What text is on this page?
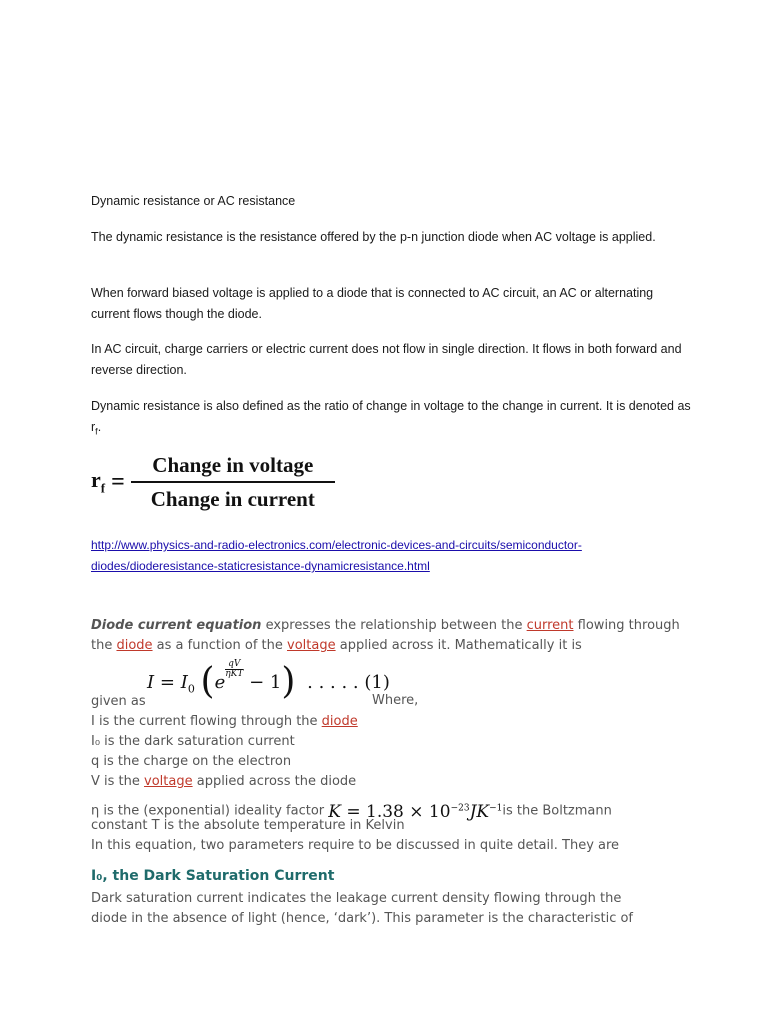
Dynamic resistance or AC resistance
The dynamic resistance is the resistance offered by the p-n junction diode when AC voltage is applied.
When forward biased voltage is applied to a diode that is connected to AC circuit, an AC or alternating current flows though the diode.
In AC circuit, charge carriers or electric current does not flow in single direction. It flows in both forward and reverse direction.
Dynamic resistance is also defined as the ratio of change in voltage to the change in current. It is denoted as $r_f$.
$r_f = \frac{\text{Change in voltage}}{\text{Change in current}}$
http://www.physics-and-radio-electronics.com/electronic-devices-and-circuits/semiconductor-
diodes/dioderesistance-staticresistance-dynamicresistance.html
Diode current equation expresses the relationship between the current flowing through the diode as a function of the voltage applied across it. Mathematically it is
$I = I_0$ (eqV
ηKT − 1) . . . . . (1)
given as	Where,
I is the current flowing through the diode
I₀ is the dark saturation current
q is the charge on the electron
V is the voltage applied across the diode
η is the (exponential) ideality factor $K = 1.38 \times 10^{-23}JK^{-1}is$ the Boltzmann
constant T is the absolute temperature in Kelvin
In this equation, two parameters require to be discussed in quite detail. They are
I₀, the Dark Saturation Current
Dark saturation current indicates the leakage current density flowing through the
diode in the absence of light (hence, ‘dark’). This parameter is the characteristic of
